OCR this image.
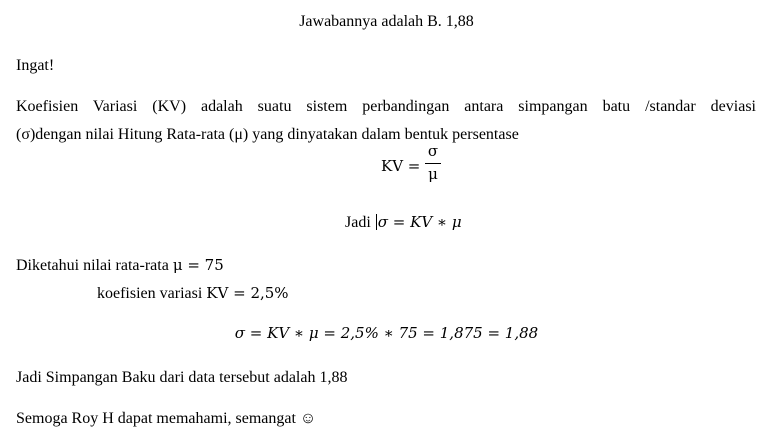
Jawabannya adalah B. 1,88
Ingat!
Koefisien Variasi (KV) adalah suatu sistem perbandingan antara simpangan batu /standar deviasi
(σ)dengan nilai Hitung Rata-rata (μ) yang dinyatakan dalam bentuk persentase
KV =
σ
μ
Jadi σ = KV ∗ μ
Diketahui nilai rata-rata μ = 75
koefisien variasi KV = 2,5%
σ = KV ∗ μ = 2,5% ∗ 75 = 1,875 = 1,88
Jadi Simpangan Baku dari data tersebut adalah 1,88
Semoga Roy H dapat memahami, semangat ☺
